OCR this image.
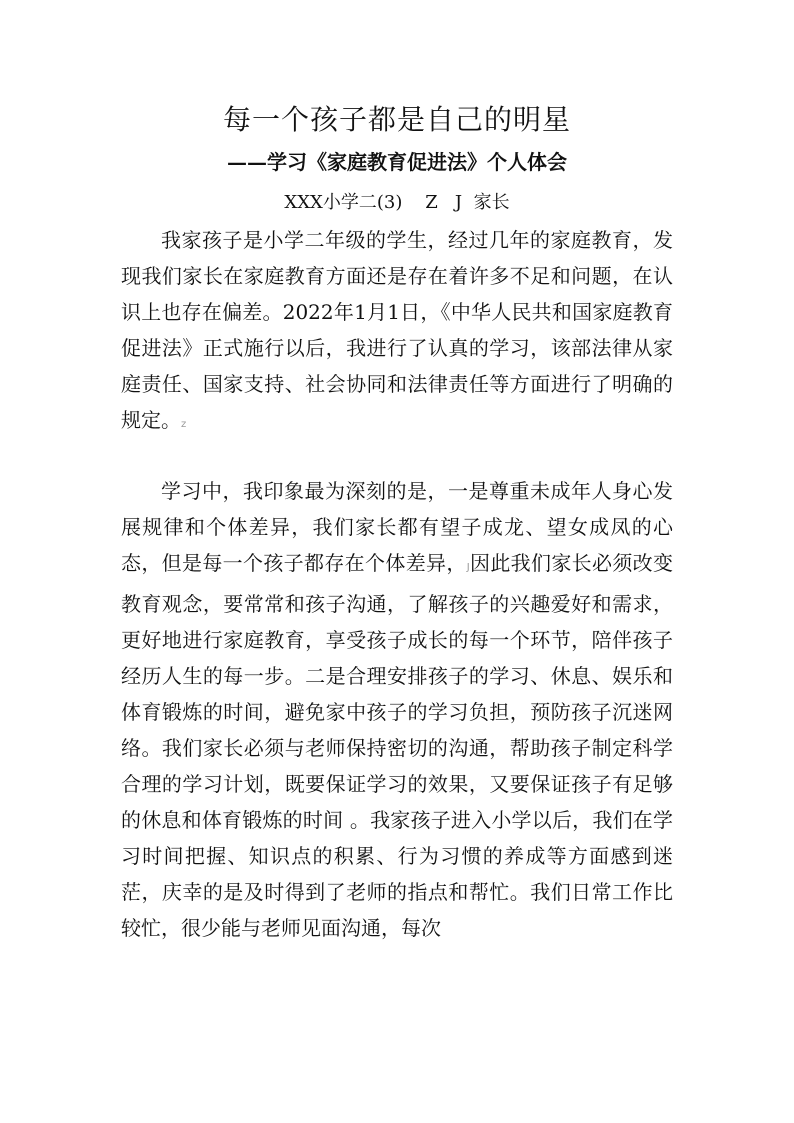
每一个孩子都是自己的明星
——学习《家庭教育促进法》个人体会

XXX小学二(3)    Z   J  家长

我家孩子是小学二年级的学生，经过几年的家庭教育，发现我们家长在家庭教育方面还是存在着许多不足和问题，在认识上也存在偏差。2022年1月1日，《中华人民共和国家庭教育促进法》正式施行以后，我进行了认真的学习，该部法律从家庭责任、国家支持、社会协同和法律责任等方面进行了明确的规定。z

学习中，我印象最为深刻的是，一是尊重未成年人身心发展规律和个体差异，我们家长都有望子成龙、望女成凤的心态，但是每一个孩子都存在个体差异，J因此我们家长必须改变教育观念，要常常和孩子沟通，了解孩子的兴趣爱好和需求，更好地进行家庭教育，享受孩子成长的每一个环节，陪伴孩子经历人生的每一步。二是合理安排孩子的学习、休息、娱乐和体育锻炼的时间，避免家中孩子的学习负担，预防孩子沉迷网络。我们家长必须与老师保持密切的沟通，帮助孩子制定科学合理的学习计划，既要保证学习的效果，又要保证孩子有足够的休息和体育锻炼的时间 。我家孩子进入小学以后，我们在学习时间把握、知识点的积累、行为习惯的养成等方面感到迷茫，庆幸的是及时得到了老师的指点和帮忙。我们日常工作比较忙，很少能与老师见面沟通，每次
